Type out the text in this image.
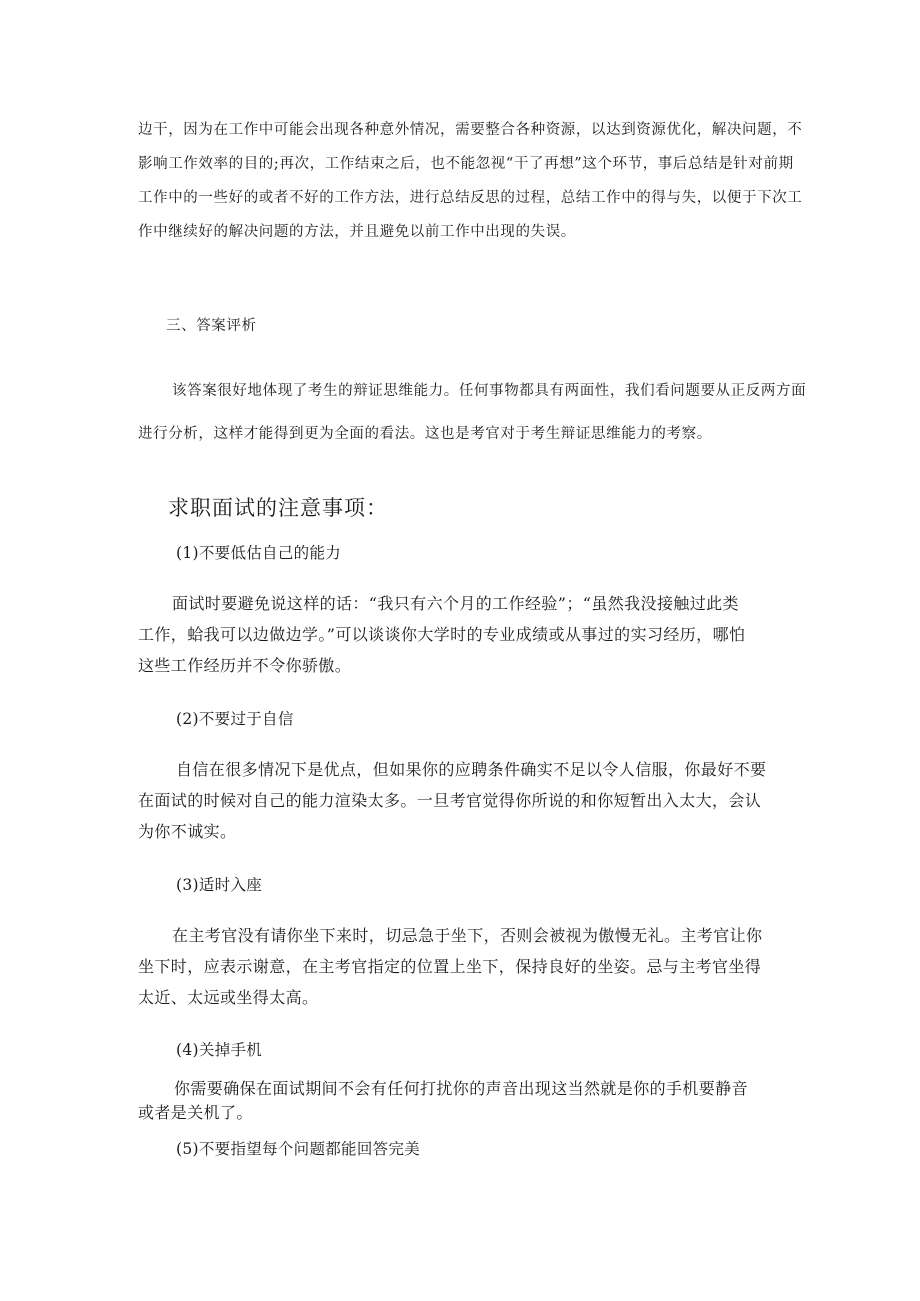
边干，因为在工作中可能会出现各种意外情况，需要整合各种资源，以达到资源优化，解决问题，不
影响工作效率的目的;再次，工作结束之后，也不能忽视“干了再想”这个环节，事后总结是针对前期
工作中的一些好的或者不好的工作方法，进行总结反思的过程，总结工作中的得与失，以便于下次工
作中继续好的解决问题的方法，并且避免以前工作中出现的失误。
三、答案评析
该答案很好地体现了考生的辩证思维能力。任何事物都具有两面性，我们看问题要从正反两方面
进行分析，这样才能得到更为全面的看法。这也是考官对于考生辩证思维能力的考察。
求职面试的注意事项：
(1)不要低估自己的能力
面试时要避免说这样的话：“我只有六个月的工作经验”；“虽然我没接触过此类
工作，蛤我可以边做边学。”可以谈谈你大学时的专业成绩或从事过的实习经历，哪怕
这些工作经历并不令你骄傲。
(2)不要过于自信
自信在很多情况下是优点，但如果你的应聘条件确实不足以令人信服，你最好不要
在面试的时候对自己的能力渲染太多。一旦考官觉得你所说的和你短暂出入太大，会认
为你不诚实。
(3)适时入座
在主考官没有请你坐下来时，切忌急于坐下，否则会被视为傲慢无礼。主考官让你
坐下时，应表示谢意，在主考官指定的位置上坐下，保持良好的坐姿。忌与主考官坐得
太近、太远或坐得太高。
(4)关掉手机
你需要确保在面试期间不会有任何打扰你的声音出现这当然就是你的手机要静音
或者是关机了。
(5)不要指望每个问题都能回答完美
